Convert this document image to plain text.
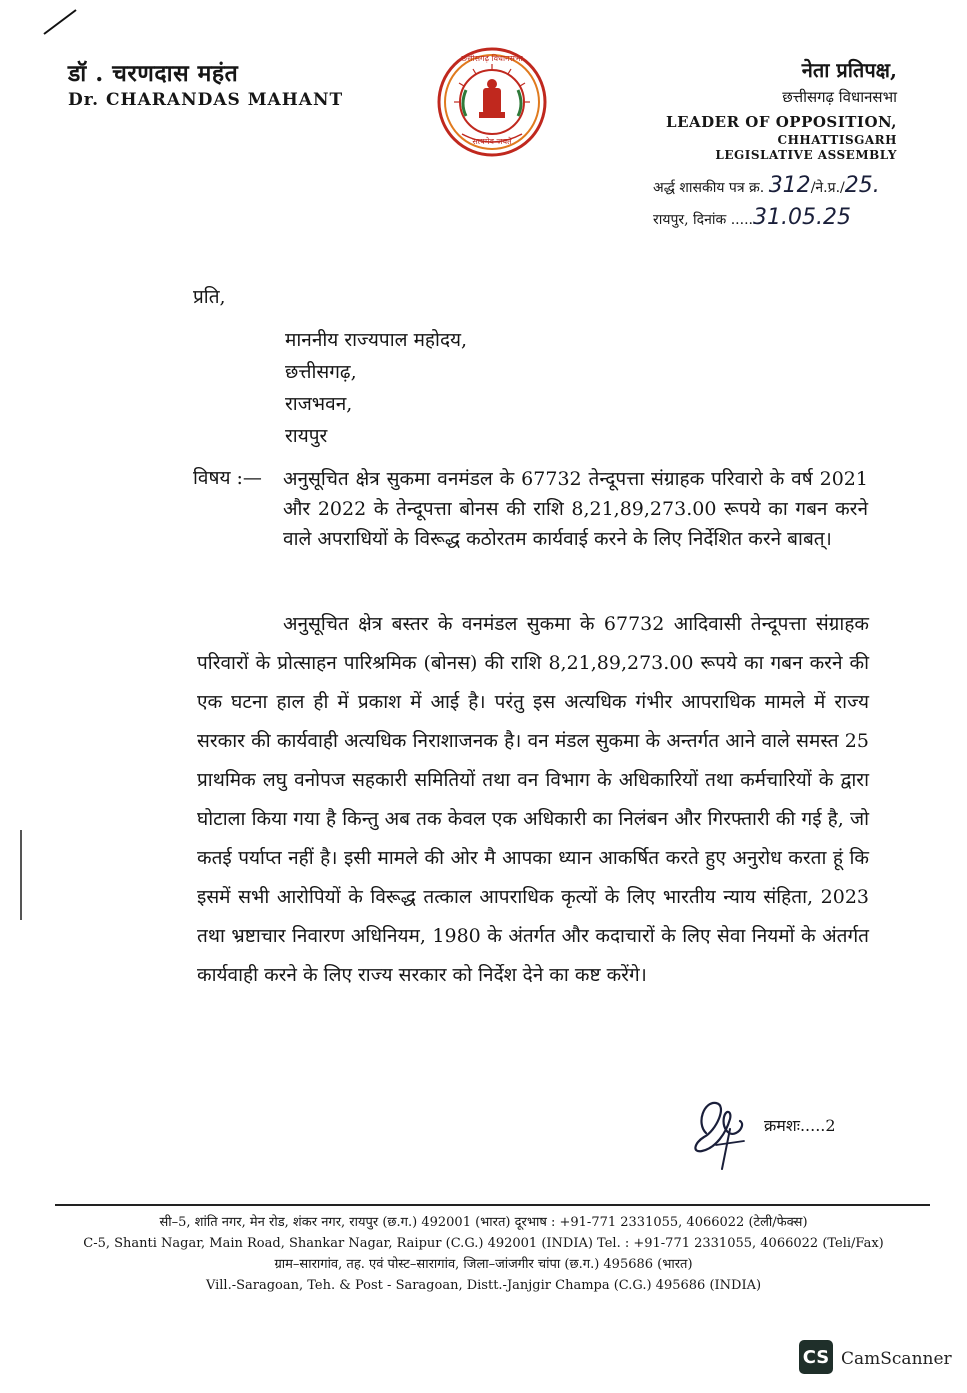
डॉ . चरणदास महंत
Dr. CHARANDAS MAHANT
सत्यमेव जयते
छत्तीसगढ़ विधानसभा	नेता प्रतिपक्ष,
छत्तीसगढ़ विधानसभा
LEADER OF OPPOSITION,
CHHATTISGARH
LEGISLATIVE ASSEMBLY
अर्द्ध शासकीय पत्र क्र. 312/ने.प्र./25.
रायपुर, दिनांक .....31.05.25
प्रति,
माननीय राज्यपाल महोदय,
छत्तीसगढ़,
राजभवन,
रायपुर
विषय :— अनुसूचित क्षेत्र सुकमा वनमंडल के 67732 तेन्दूपत्ता संग्राहक परिवारो के वर्ष 2021 और 2022 के तेन्दूपत्ता बोनस की राशि 8,21,89,273.00 रूपये का गबन करने वाले अपराधियों के विरूद्ध कठोरतम कार्यवाई करने के लिए निर्देशित करने बाबत्।
अनुसूचित क्षेत्र बस्तर के वनमंडल सुकमा के 67732 आदिवासी तेन्दूपत्ता संग्राहक परिवारों के प्रोत्साहन पारिश्रमिक (बोनस) की राशि 8,21,89,273.00 रूपये का गबन करने की एक घटना हाल ही में प्रकाश में आई है। परंतु इस अत्यधिक गंभीर आपराधिक मामले में राज्य सरकार की कार्यवाही अत्यधिक निराशाजनक है। वन मंडल सुकमा के अन्तर्गत आने वाले समस्त 25 प्राथमिक लघु वनोपज सहकारी समितियों तथा वन विभाग के अधिकारियों तथा कर्मचारियों के द्वारा घोटाला किया गया है किन्तु अब तक केवल एक अधिकारी का निलंबन और गिरफ्तारी की गई है, जो कतई पर्याप्त नहीं है। इसी मामले की ओर मै आपका ध्यान आकर्षित करते हुए अनुरोध करता हूं कि इसमें सभी आरोपियों के विरूद्ध तत्काल आपराधिक कृत्यों के लिए भारतीय न्याय संहिता, 2023 तथा भ्रष्टाचार निवारण अधिनियम, 1980 के अंतर्गत और कदाचारों के लिए सेवा नियमों के अंतर्गत कार्यवाही करने के लिए राज्य सरकार को निर्देश देने का कष्ट करेंगे।
क्रमशः.....2
सी–5, शांति नगर, मेन रोड, शंकर नगर, रायपुर (छ.ग.) 492001 (भारत) दूरभाष : +91-771 2331055, 4066022 (टेली/फेक्स)
C-5, Shanti Nagar, Main Road, Shankar Nagar, Raipur (C.G.) 492001 (INDIA) Tel. : +91-771 2331055, 4066022 (Teli/Fax)
ग्राम–सारागांव, तह. एवं पोस्ट–सारागांव, जिला–जांजगीर चांपा (छ.ग.) 495686 (भारत)
Vill.-Saragoan, Teh. & Post - Saragoan, Distt.-Janjgir Champa (C.G.) 495686 (INDIA)
CS CamScanner
